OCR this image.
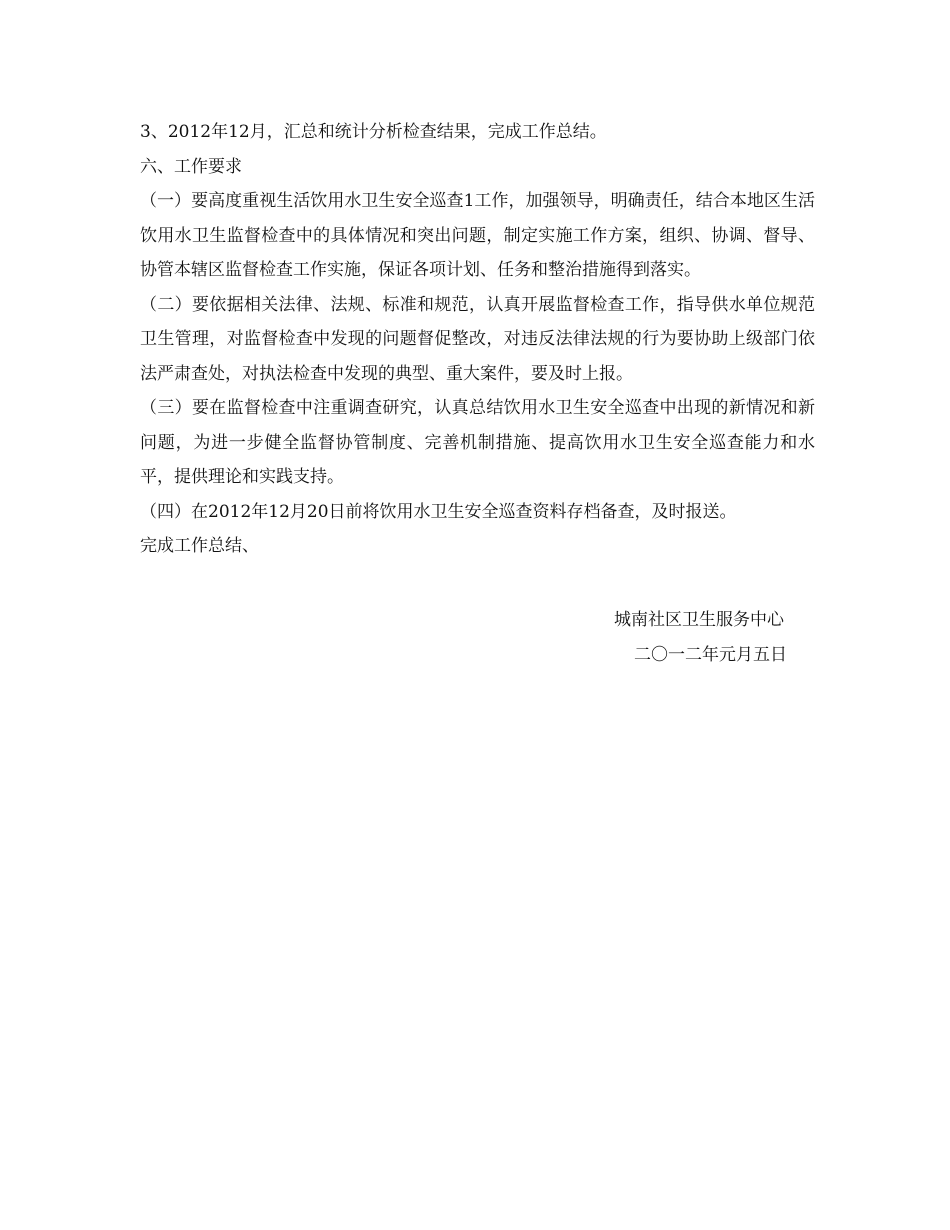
3、2012年12月，汇总和统计分析检查结果，完成工作总结。
六、工作要求

（一）要高度重视生活饮用水卫生安全巡查1工作，加强领导，明确责任，结合本地区生活饮用水卫生监督检查中的具体情况和突出问题，制定实施工作方案，组织、协调、督导、协管本辖区监督检查工作实施，保证各项计划、任务和整治措施得到落实。

（二）要依据相关法律、法规、标准和规范，认真开展监督检查工作，指导供水单位规范卫生管理，对监督检查中发现的问题督促整改，对违反法律法规的行为要协助上级部门依法严肃查处，对执法检查中发现的典型、重大案件，要及时上报。

（三）要在监督检查中注重调查研究，认真总结饮用水卫生安全巡查中出现的新情况和新问题，为进一步健全监督协管制度、完善机制措施、提高饮用水卫生安全巡查能力和水平，提供理论和实践支持。

（四）在2012年12月20日前将饮用水卫生安全巡查资料存档备查，及时报送。
完成工作总结、
城南社区卫生服务中心
二〇一二年元月五日
